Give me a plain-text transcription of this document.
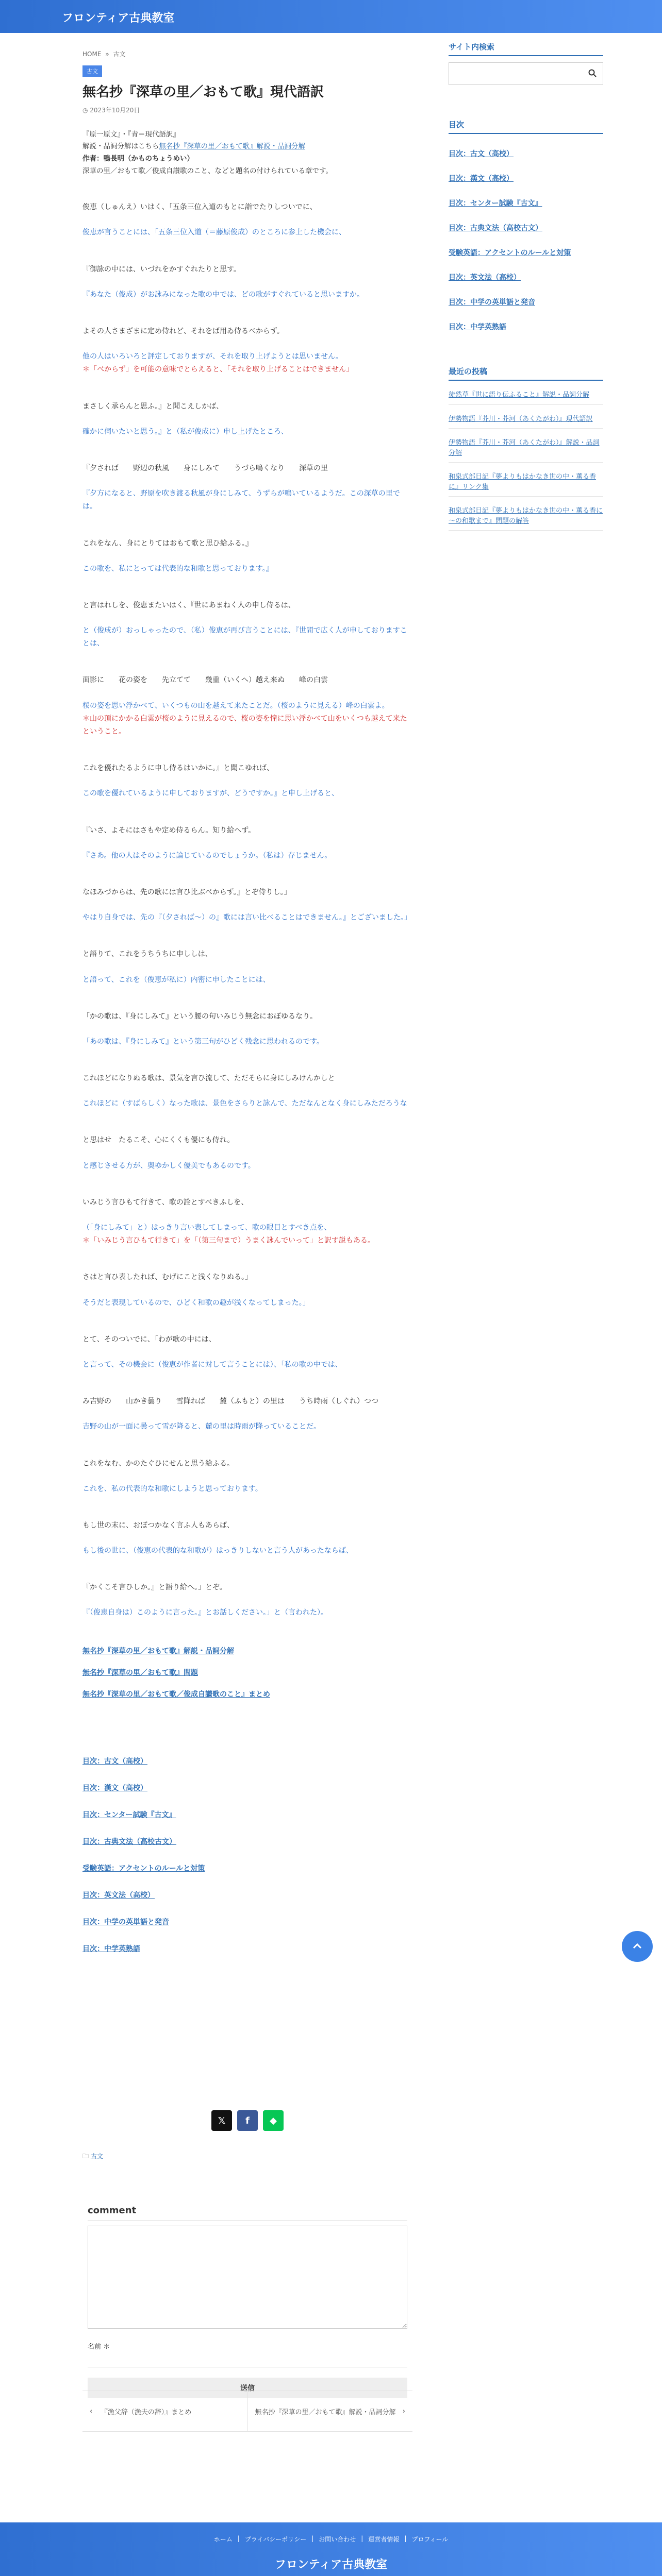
フロンティア古典教室
HOME » 古文
古文
無名抄『深草の里／おもて歌』現代語訳
◷ 2023年10月20日
『原一原文』・『青＝現代語訳』
解説・品詞分解はこちら無名抄『深草の里／おもて歌』解説・品詞分解
作者：鴨長明（かものちょうめい）
深草の里／おもて歌／俊成自讃歌のこと、などと題名の付けられている章です。
俊恵（しゅんえ）いはく、「五条三位入道のもとに詣でたりしついでに、
俊恵が言うことには、「五条三位入道（＝藤原俊成）のところに参上した機会に、
『御詠の中には、いづれをかすぐれたりと思す。
『あなた（俊成）がお詠みになった歌の中では、どの歌がすぐれていると思いますか。
よその人さまざまに定め侍れど、それをば用ゐ侍るべからず。
他の人はいろいろと評定しておりますが、それを取り上げようとは思いません。
＊「べからず」を可能の意味でとらえると、「それを取り上げることはできません」
まさしく承らんと思ふ。』と聞こえしかば、
確かに伺いたいと思う。』と（私が俊成に）申し上げたところ、
『夕されば　　野辺の秋風　　身にしみて　　うづら鳴くなり　　深草の里
『夕方になると、野原を吹き渡る秋風が身にしみて、うずらが鳴いているようだ。この深草の里では。
これをなん、身にとりてはおもて歌と思ひ給ふる。』
この歌を、私にとっては代表的な和歌と思っております。』
と言はれしを、俊恵またいはく、『世にあまねく人の申し侍るは、
と（俊成が）おっしゃったので、（私）俊恵が再び言うことには、『世間で広く人が申しておりますことは、
面影に　　花の姿を　　先立てて　　幾重（いくへ）越え来ぬ　　峰の白雲
桜の姿を思い浮かべて、いくつもの山を越えて来たことだ。（桜のように見える）峰の白雲よ。
＊山の頂にかかる白雲が桜のように見えるので、桜の姿を憧に思い浮かべて山をいくつも越えて来たということ。
これを優れたるように申し侍るはいかに。』と聞こゆれば、
この歌を優れているように申しておりますが、どうですか。』と申し上げると、
『いさ、よそにはさもや定め侍るらん。知り給へず。
『さあ。他の人はそのように論じているのでしょうか。（私は）存じません。
なほみづからは、先の歌には言ひ比ぶべからず。』とぞ侍りし。」
やはり自身では、先の『（夕されば～）の』歌には言い比べることはできません。』とございました。」
と語りて、これをうちうちに申ししは、
と語って、これを（俊恵が私に）内密に申したことには、
「かの歌は、『身にしみて』という腰の句いみじう無念におぼゆるなり。
「あの歌は、『身にしみて』という第三句がひどく残念に思われるのです。
これほどになりぬる歌は、景気を言ひ流して、ただそらに身にしみけんかしと
これほどに（すばらしく）なった歌は、景色をさらりと詠んで、ただなんとなく身にしみただろうな
と思はせ　たるこそ、心にくくも優にも侍れ。
と感じさせる方が、奥ゆかしく優美でもあるのです。
いみじう言ひもて行きて、歌の詮とすべきふしを、
（「身にしみて」と）はっきり言い表してしまって、歌の眼目とすべき点を、
＊「いみじう言ひもて行きて」を「（第三句まで）うまく詠んでいって」と訳す説もある。
さはと言ひ表したれば、むげにこと浅くなりぬる。」
そうだと表現しているので、ひどく和歌の趣が浅くなってしまった。」
とて、そのついでに、「わが歌の中には、
と言って、その機会に（俊恵が作者に対して言うことには）、「私の歌の中では、
み吉野の　　山かき曇り　　雪降れば　　麓（ふもと）の里は　　うち時雨（しぐれ）つつ
吉野の山が一面に曇って雪が降ると、麓の里は時雨が降っていることだ。
これをなむ、かのたぐひにせんと思う給ふる。
これを、私の代表的な和歌にしようと思っております。
もし世の末に、おぼつかなく言ふ人もあらば、
もし後の世に、（俊恵の代表的な和歌が）はっきりしないと言う人があったならば、
『かくこそ言ひしか。』と語り給へ。」とぞ。
『（俊恵自身は）このように言った。』とお話しください。」と（言われた）。
無名抄『深草の里／おもて歌』解説・品詞分解
無名抄『深草の里／おもて歌』問題
無名抄『深草の里／おもて歌／俊成自讃歌のこと』まとめ
目次：古文（高校）
目次：漢文（高校）
目次：センター試験『古文』
目次：古典文法（高校古文）
受験英語：アクセントのルールと対策
目次：英文法（高校）
目次：中学の英単語と発音
目次：中学英熟語
𝕏	f	◆
🗀 古文
comment
名前 ＊
送信
‹ 『漁父辞（漁夫の辞）』まとめ	無名抄『深草の里／おもて歌』解説・品詞分解 ›
サイト内検索
目次
目次：古文（高校）
目次：漢文（高校）
目次：センター試験『古文』
目次：古典文法（高校古文）
受験英語：アクセントのルールと対策
目次：英文法（高校）
目次：中学の英単語と発音
目次：中学英熟語
最近の投稿
徒然草『世に語り伝ふること』解説・品詞分解
伊勢物語『芥川・芥河（あくたがわ）』現代語訳
伊勢物語『芥川・芥河（あくたがわ）』解説・品詞分解
和泉式部日記『夢よりもはかなき世の中・薫る香に』リンク集
和泉式部日記『夢よりもはかなき世の中・薫る香に～の和歌まで』問題の解答
ホーム | プライバシーポリシー | お問い合わせ | 運営者情報 | プロフィール
フロンティア古典教室
